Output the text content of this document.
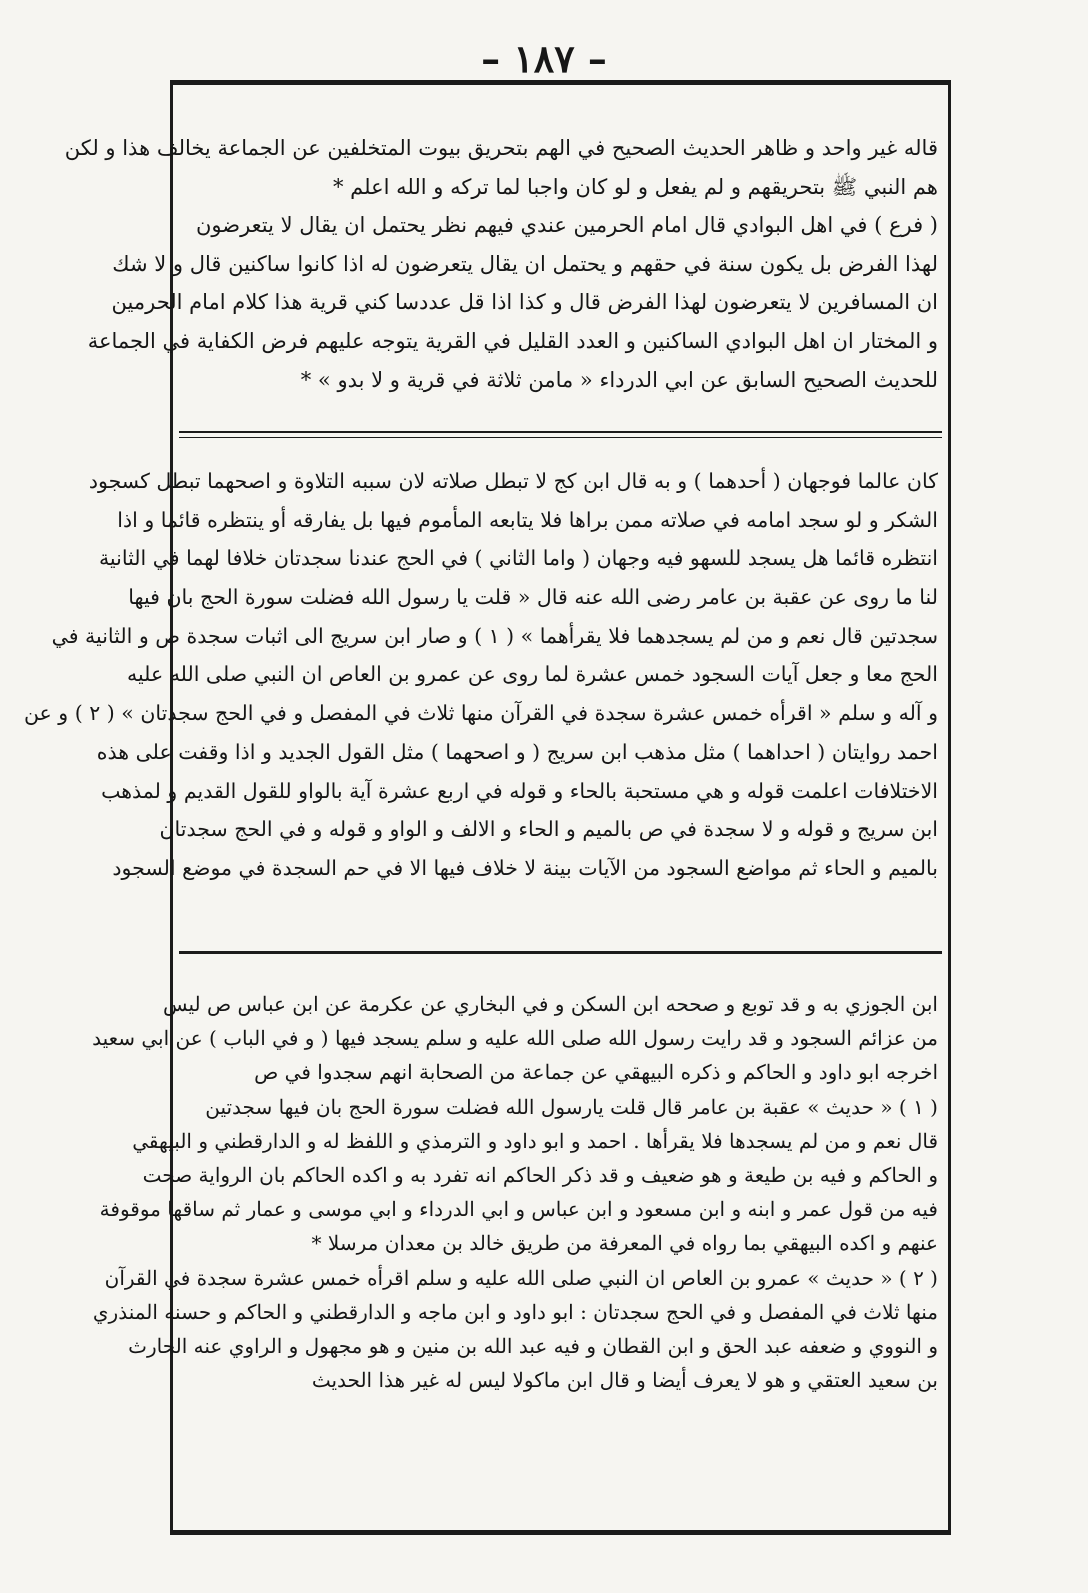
– ١٨٧ –
قاله غير واحد و ظاهر الحديث الصحيح في الهم بتحريق بيوت المتخلفين عن الجماعة يخالف هذا و لكن
هم النبي ﷺ بتحريقهم و لم يفعل و لو كان واجبا لما تركه و الله اعلم *
( فرع ) في اهل البوادي قال امام الحرمين عندي فيهم نظر يحتمل ان يقال لا يتعرضون
لهذا الفرض بل يكون سنة في حقهم و يحتمل ان يقال يتعرضون له اذا كانوا ساكنين قال و لا شك
ان المسافرين لا يتعرضون لهذا الفرض قال و كذا اذا قل عددسا كني قرية هذا كلام امام الحرمين
و المختار ان اهل البوادي الساكنين و العدد القليل في القرية يتوجه عليهم فرض الكفاية في الجماعة
للحديث الصحيح السابق عن ابي الدرداء « مامن ثلاثة في قرية و لا بدو » *
كان عالما فوجهان ( أحدهما ) و به قال ابن كج لا تبطل صلاته لان سببه التلاوة و اصحهما تبطل كسجود
الشكر و لو سجد امامه في صلاته ممن براها فلا يتابعه المأموم فيها بل يفارقه أو ينتظره قائما و اذا
انتظره قائما هل يسجد للسهو فيه وجهان ( واما الثاني ) في الحج عندنا سجدتان خلافا لهما في الثانية
لنا ما روى عن عقبة بن عامر رضى الله عنه قال « قلت يا رسول الله فضلت سورة الحج بان فيها
سجدتين قال نعم و من لم يسجدهما فلا يقرأهما » ( ١ ) و صار ابن سريج الى اثبات سجدة ص و الثانية في
الحج معا و جعل آيات السجود خمس عشرة لما روى عن عمرو بن العاص ان النبي صلى الله عليه
و آله و سلم « اقرأه خمس عشرة سجدة في القرآن منها ثلاث في المفصل و في الحج سجدتان » ( ٢ ) و عن
احمد روايتان ( احداهما ) مثل مذهب ابن سريج ( و اصحهما ) مثل القول الجديد و اذا وقفت على هذه
الاختلافات اعلمت قوله و هي مستحبة بالحاء و قوله في اربع عشرة آية بالواو للقول القديم و لمذهب
ابن سريج و قوله و لا سجدة في ص بالميم و الحاء و الالف و الواو و قوله و في الحج سجدتان
بالميم و الحاء ثم مواضع السجود من الآيات بينة لا خلاف فيها الا في حم السجدة في موضع السجود
ابن الجوزي به و قد توبع و صححه ابن السكن و في البخاري عن عكرمة عن ابن عباس ص ليس
من عزائم السجود و قد رايت رسول الله صلى الله عليه و سلم يسجد فيها ( و في الباب ) عن ابي سعيد
اخرجه ابو داود و الحاكم و ذكره البيهقي عن جماعة من الصحابة انهم سجدوا في ص
( ١ ) « حديث » عقبة بن عامر قال قلت يارسول الله فضلت سورة الحج بان فيها سجدتين
قال نعم و من لم يسجدها فلا يقرأها . احمد و ابو داود و الترمذي و اللفظ له و الدارقطني و البيهقي
و الحاكم و فيه بن طيعة و هو ضعيف و قد ذكر الحاكم انه تفرد به و اكده الحاكم بان الرواية صحت
فيه من قول عمر و ابنه و ابن مسعود و ابن عباس و ابي الدرداء و ابي موسى و عمار ثم ساقها موقوفة
عنهم و اكده البيهقي بما رواه في المعرفة من طريق خالد بن معدان مرسلا *
( ٢ ) « حديث » عمرو بن العاص ان النبي صلى الله عليه و سلم اقرأه خمس عشرة سجدة في القرآن
منها ثلاث في المفصل و في الحج سجدتان : ابو داود و ابن ماجه و الدارقطني و الحاكم و حسنه المنذري
و النووي و ضعفه عبد الحق و ابن القطان و فيه عبد الله بن منين و هو مجهول و الراوي عنه الحارث
بن سعيد العتقي و هو لا يعرف أيضا و قال ابن ماكولا ليس له غير هذا الحديث
